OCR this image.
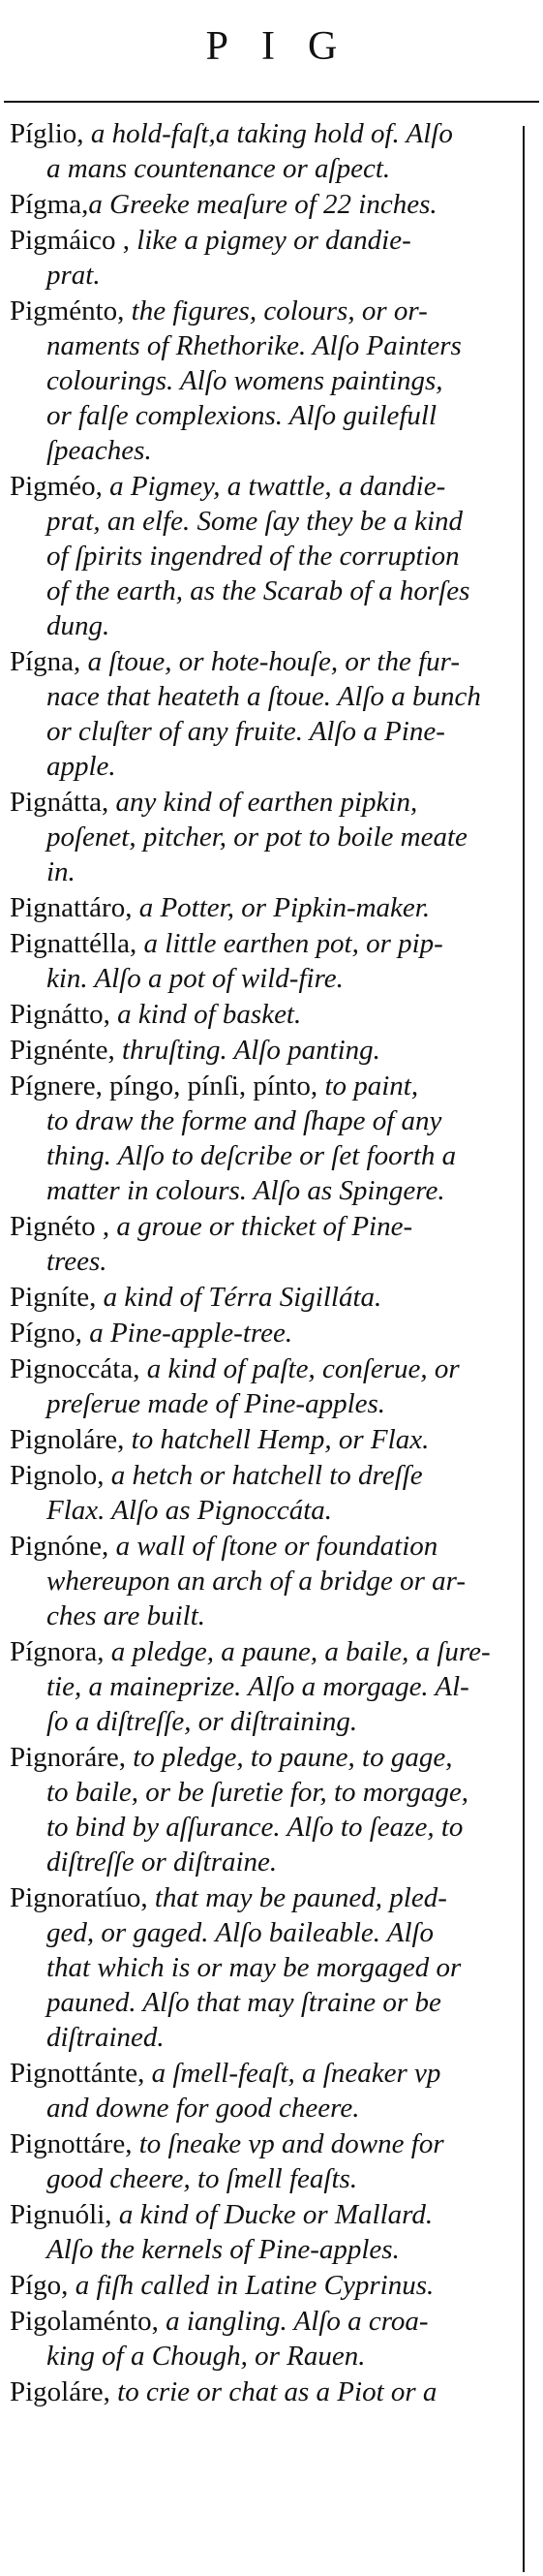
PIG
Píglio, a hold-faſt,a taking hold of. Alſo
a mans countenance or aſpect.
Pígma,a Greeke meaſure of 22 inches.
Pigmáico , like a pigmey or dandie-
prat.
Pigménto, the figures, colours, or or-
naments of Rhethorike. Alſo Painters
colourings. Alſo womens paintings,
or falſe complexions. Alſo guilefull
ſpeaches.
Pigméo, a Pigmey, a twattle, a dandie-
prat, an elfe. Some ſay they be a kind
of ſpirits ingendred of the corruption
of the earth, as the Scarab of a horſes
dung.
Pígna, a ſtoue, or hote-houſe, or the fur-
nace that heateth a ſtoue. Alſo a bunch
or cluſter of any fruite. Alſo a Pine-
apple.
Pignátta, any kind of earthen pipkin,
poſenet, pitcher, or pot to boile meate
in.
Pignattáro, a Potter, or Pipkin-maker.
Pignattélla, a little earthen pot, or pip-
kin. Alſo a pot of wild-fire.
Pignátto, a kind of basket.
Pignénte, thruſting. Alſo panting.
Pígnere, píngo, pínſi, pínto, to paint,
to draw the forme and ſhape of any
thing. Alſo to deſcribe or ſet foorth a
matter in colours. Alſo as Spingere.
Pignéto , a groue or thicket of Pine-
trees.
Pigníte, a kind of Térra Sigilláta.
Pígno, a Pine-apple-tree.
Pignoccáta, a kind of paſte, conſerue, or
preſerue made of Pine-apples.
Pignoláre, to hatchell Hemp, or Flax.
Pignolo, a hetch or hatchell to dreſſe
Flax. Alſo as Pignoccáta.
Pignóne, a wall of ſtone or foundation
whereupon an arch of a bridge or ar-
ches are built.
Pígnora, a pledge, a paune, a baile, a ſure-
tie, a maineprize. Alſo a morgage. Al-
ſo a diſtreſſe, or diſtraining.
Pignoráre, to pledge, to paune, to gage,
to baile, or be ſuretie for, to morgage,
to bind by aſſurance. Alſo to ſeaze, to
diſtreſſe or diſtraine.
Pignoratíuo, that may be pauned, pled-
ged, or gaged. Alſo baileable. Alſo
that which is or may be morgaged or
pauned. Alſo that may ſtraine or be
diſtrained.
Pignottánte, a ſmell-feaſt, a ſneaker vp
and downe for good cheere.
Pignottáre, to ſneake vp and downe for
good cheere, to ſmell feaſts.
Pignuóli, a kind of Ducke or Mallard.
Alſo the kernels of Pine-apples.
Pígo, a fiſh called in Latine Cyprinus.
Pigolaménto, a iangling. Alſo a croa-
king of a Chough, or Rauen.
Pigoláre, to crie or chat as a Piot or a
